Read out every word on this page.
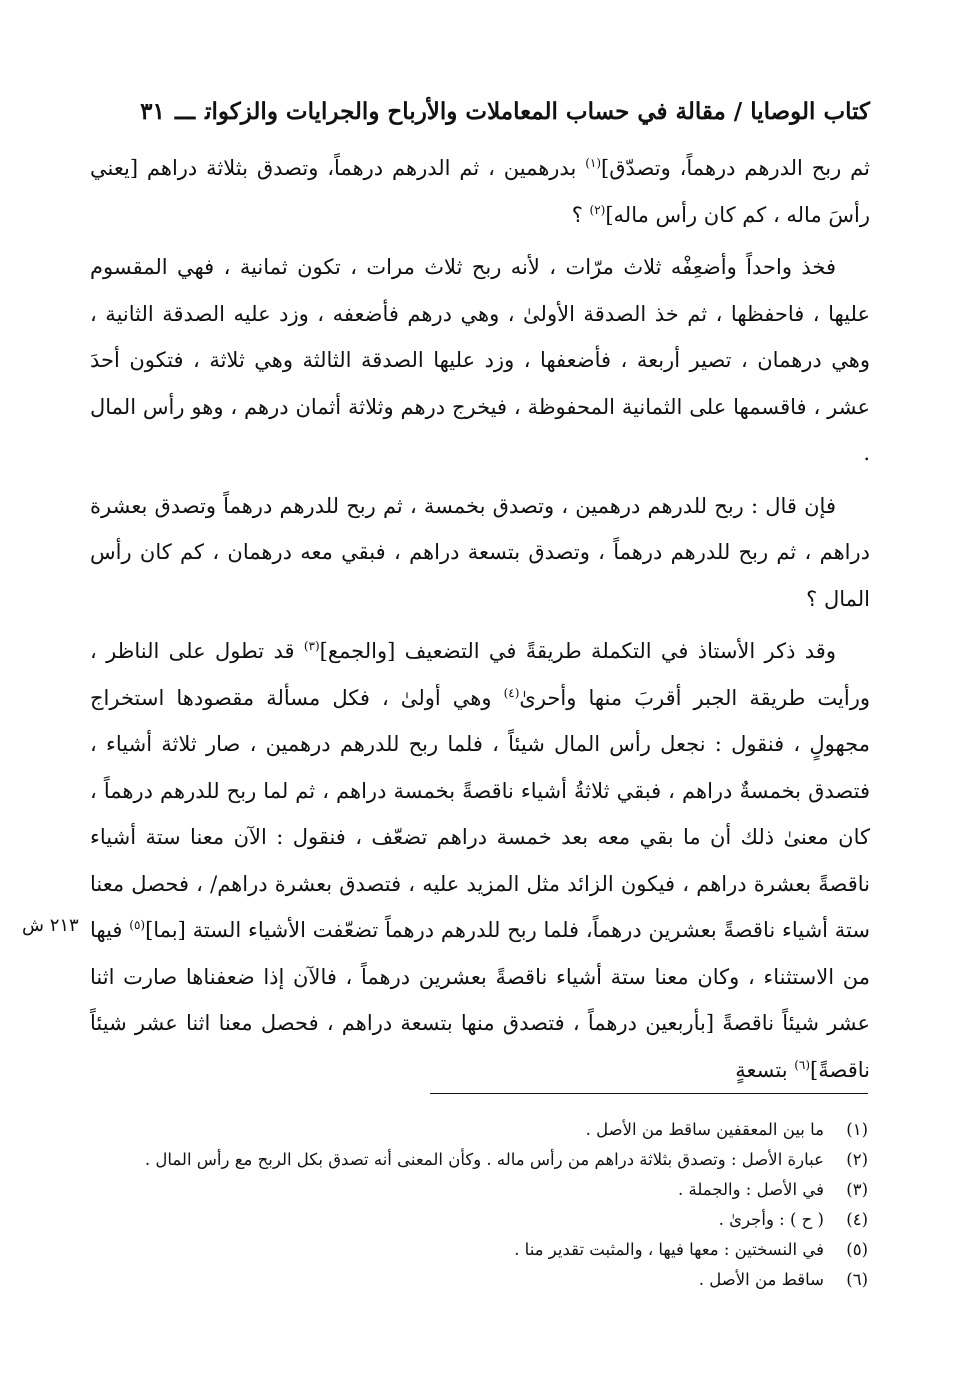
كتاب الوصايا / مقالة في حساب المعاملات والأرباح والجرايات والزكواتـــ٣١

ثم ربح الدرهم درهماً، وتصدّق]$^{(١)}$ بدرهمين ، ثم الدرهم درهماً، وتصدق بثلاثة دراهم [يعني رأسَ ماله ، كم كان رأس ماله]$^{(٢)}$ ؟

فخذ واحداً وأضعِفْه ثلاث مرّات ، لأنه ربح ثلاث مرات ، تكون ثمانية ، فهي المقسوم عليها ، فاحفظها ، ثم خذ الصدقة الأولىٰ ، وهي درهم فأضعفه ، وزد عليه الصدقة الثانية ، وهي درهمان ، تصير أربعة ، فأضعفها ، وزد عليها الصدقة الثالثة وهي ثلاثة ، فتكون أحدَ عشر ، فاقسمها على الثمانية المحفوظة ، فيخرج درهم وثلاثة أثمان درهم ، وهو رأس المال .

فإن قال : ربح للدرهم درهمين ، وتصدق بخمسة ، ثم ربح للدرهم درهماً وتصدق بعشرة دراهم ، ثم ربح للدرهم درهماً ، وتصدق بتسعة دراهم ، فبقي معه درهمان ، كم كان رأس المال ؟

وقد ذكر الأستاذ في التكملة طريقةً في التضعيف [والجمع]$^{(٣)}$ قد تطول على الناظر ، ورأيت طريقة الجبر أقربَ منها وأحرىٰ$^{(٤)}$ وهي أولىٰ ، فكل مسألة مقصودها استخراج مجهولٍ ، فنقول : نجعل رأس المال شيئاً ، فلما ربح للدرهم درهمين ، صار ثلاثة أشياء ، فتصدق بخمسةٌ دراهم ، فبقي ثلاثةُ أشياء ناقصةً بخمسة دراهم ، ثم لما ربح للدرهم درهماً ، كان معنىٰ ذلك أن ما بقي معه بعد خمسة دراهم تضعّف ، فنقول : الآن معنا ستة أشياء ناقصةً بعشرة دراهم ، فيكون الزائد مثل المزيد عليه ، فتصدق بعشرة دراهم/ ، فحصل معنا ستة أشياء ناقصةً بعشرين درهماً، فلما ربح للدرهم درهماً تضعّفت الأشياء الستة [بما]$^{(٥)}$ فيها من الاستثناء ، وكان معنا ستة أشياء ناقصةً بعشرين درهماً ، فالآن إذا ضعفناها صارت اثنا عشر شيئاً ناقصةً [بأربعين درهماً ، فتصدق منها بتسعة دراهم ، فحصل معنا اثنا عشر شيئاً ناقصةً]$^{(٦)}$ بتسعةٍ

٢١٣ ش
(١)
ما بين المعقفين ساقط من الأصل .
(٢)
عبارة الأصل : وتصدق بثلاثة دراهم من رأس ماله . وكأن المعنى أنه تصدق بكل الربح مع رأس المال .
(٣)
في الأصل : والجملة .
(٤)
( ح ) : وأجرىٰ .
(٥)
في النسختين : معها فيها ، والمثبت تقدير منا .
(٦)
ساقط من الأصل .
